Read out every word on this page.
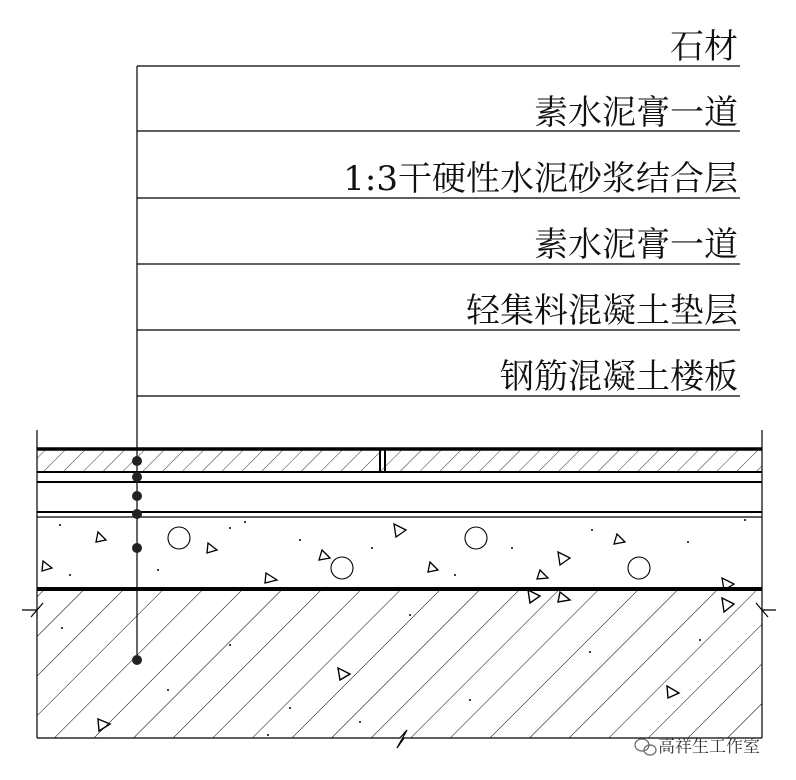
石材
素水泥膏一道
1:3干硬性水泥砂浆结合层
素水泥膏一道
轻集料混凝土垫层
钢筋混凝土楼板
高祥生工作室
